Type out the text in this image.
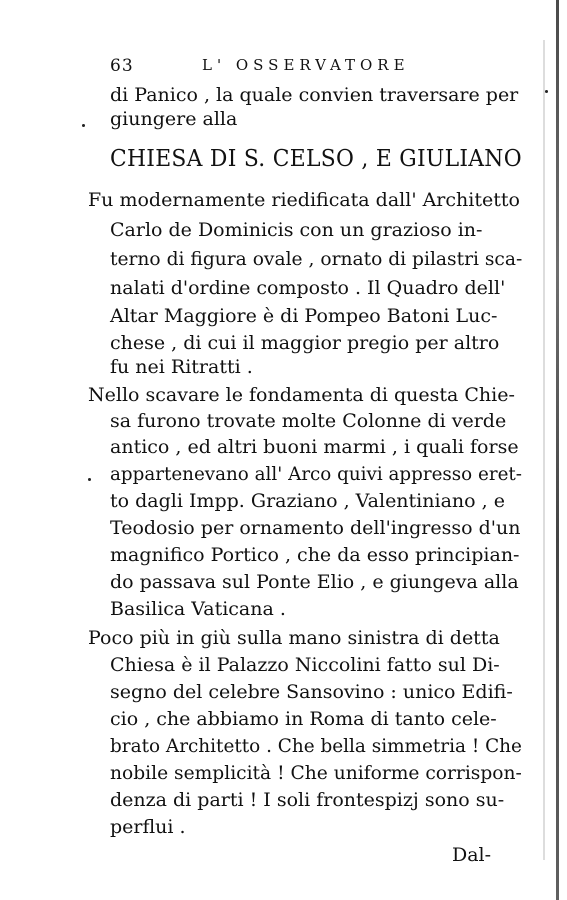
63	L' OSSERVATORE
di Panico , la quale convien traversare per
giungere alla
CHIESA DI S. CELSO , E GIULIANO
Fu modernamente riedificata dall' Architetto
Carlo de Dominicis con un grazioso in-
terno di figura ovale , ornato di pilastri sca-
nalati d'ordine composto . Il Quadro dell'
Altar Maggiore è di Pompeo Batoni Luc-
chese , di cui il maggior pregio per altro
fu nei Ritratti .
Nello scavare le fondamenta di questa Chie-
sa furono trovate molte Colonne di verde
antico , ed altri buoni marmi , i quali forse
appartenevano all' Arco quivi appresso eret-
to dagli Impp. Graziano , Valentiniano , e
Teodosio per ornamento dell'ingresso d'un
magnifico Portico , che da esso principian-
do passava sul Ponte Elio , e giungeva alla
Basilica Vaticana .
Poco più in giù sulla mano sinistra di detta
Chiesa è il Palazzo Niccolini fatto sul Di-
segno del celebre Sansovino : unico Edifi-
cio , che abbiamo in Roma di tanto cele-
brato Architetto . Che bella simmetria ! Che
nobile semplicità ! Che uniforme corrispon-
denza di parti ! I soli frontespizj sono su-
perflui .
Dal-
